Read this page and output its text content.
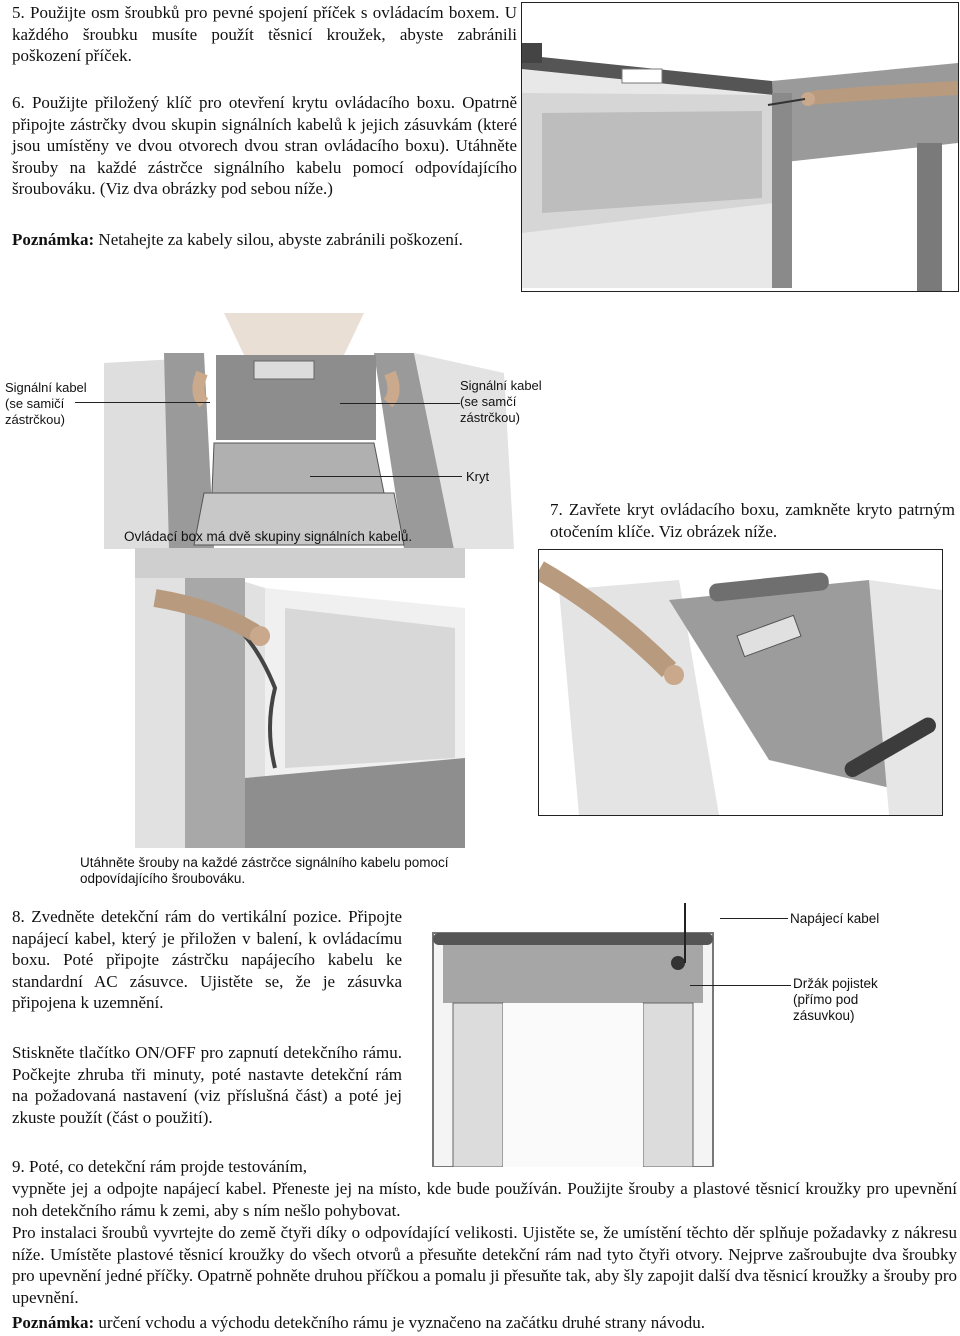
5. Použijte osm šroubků pro pevné spojení příček s ovládacím boxem. U každého šroubku musíte použít těsnicí kroužek, abyste zabránili poškození příček.

6. Použijte přiložený klíč pro otevření krytu ovládacího boxu. Opatrně připojte zástrčky dvou skupin signálních kabelů k jejich zásuvkám (které jsou umístěny ve dvou otvorech dvou stran ovládacího boxu). Utáhněte šrouby na každé zástrčce signálního kabelu pomocí odpovídajícího šroubováku. (Viz dva obrázky pod sebou níže.)

Poznámka: Netahejte za kabely silou, abyste zabránili poškození.

Signální kabel
(se samičí
zástrčkou)
Signální kabel
(se samčí
zástrčkou)
Kryt
Ovládací box má dvě skupiny signálních kabelů.

7. Zavřete kryt ovládacího boxu, zamkněte kryto patrným otočením klíče. Viz obrázek níže.

Utáhněte šrouby na každé zástrčce signálního kabelu pomocí
odpovídajícího šroubováku.

8. Zvedněte detekční rám do vertikální pozice. Připojte napájecí kabel, který je přiložen v balení, k ovládacímu boxu. Poté připojte zástrčku napájecího kabelu ke standardní AC zásuvce. Ujistěte se, že je zásuvka připojena k uzemnění.

Stiskněte tlačítko ON/OFF pro zapnutí detekčního rámu. Počkejte zhruba tři minuty, poté nastavte detekční rám na požadovaná nastavení (viz příslušná část) a poté jej zkuste použít (část o použití).

Napájecí kabel
Držák pojistek
(přímo pod
zásuvkou)

9. Poté, co detekční rám projde testováním,

vypněte jej a odpojte napájecí kabel. Přeneste jej na místo, kde bude používán. Použijte šrouby a plastové těsnicí kroužky pro upevnění noh detekčního rámu k zemi, aby s ním nešlo pohybovat.

Pro instalaci šroubů vyvrtejte do země čtyři díky o odpovídající velikosti. Ujistěte se, že umístění těchto děr splňuje požadavky z nákresu níže. Umístěte plastové těsnicí kroužky do všech otvorů a přesuňte detekční rám nad tyto čtyři otvory. Nejprve zašroubujte dva šroubky pro upevnění jedné příčky. Opatrně pohněte druhou příčkou a pomalu ji přesuňte tak, aby šly zapojit další dva těsnicí kroužky a šrouby pro upevnění.

Poznámka: určení vchodu a východu detekčního rámu je vyznačeno na začátku druhé strany návodu.
